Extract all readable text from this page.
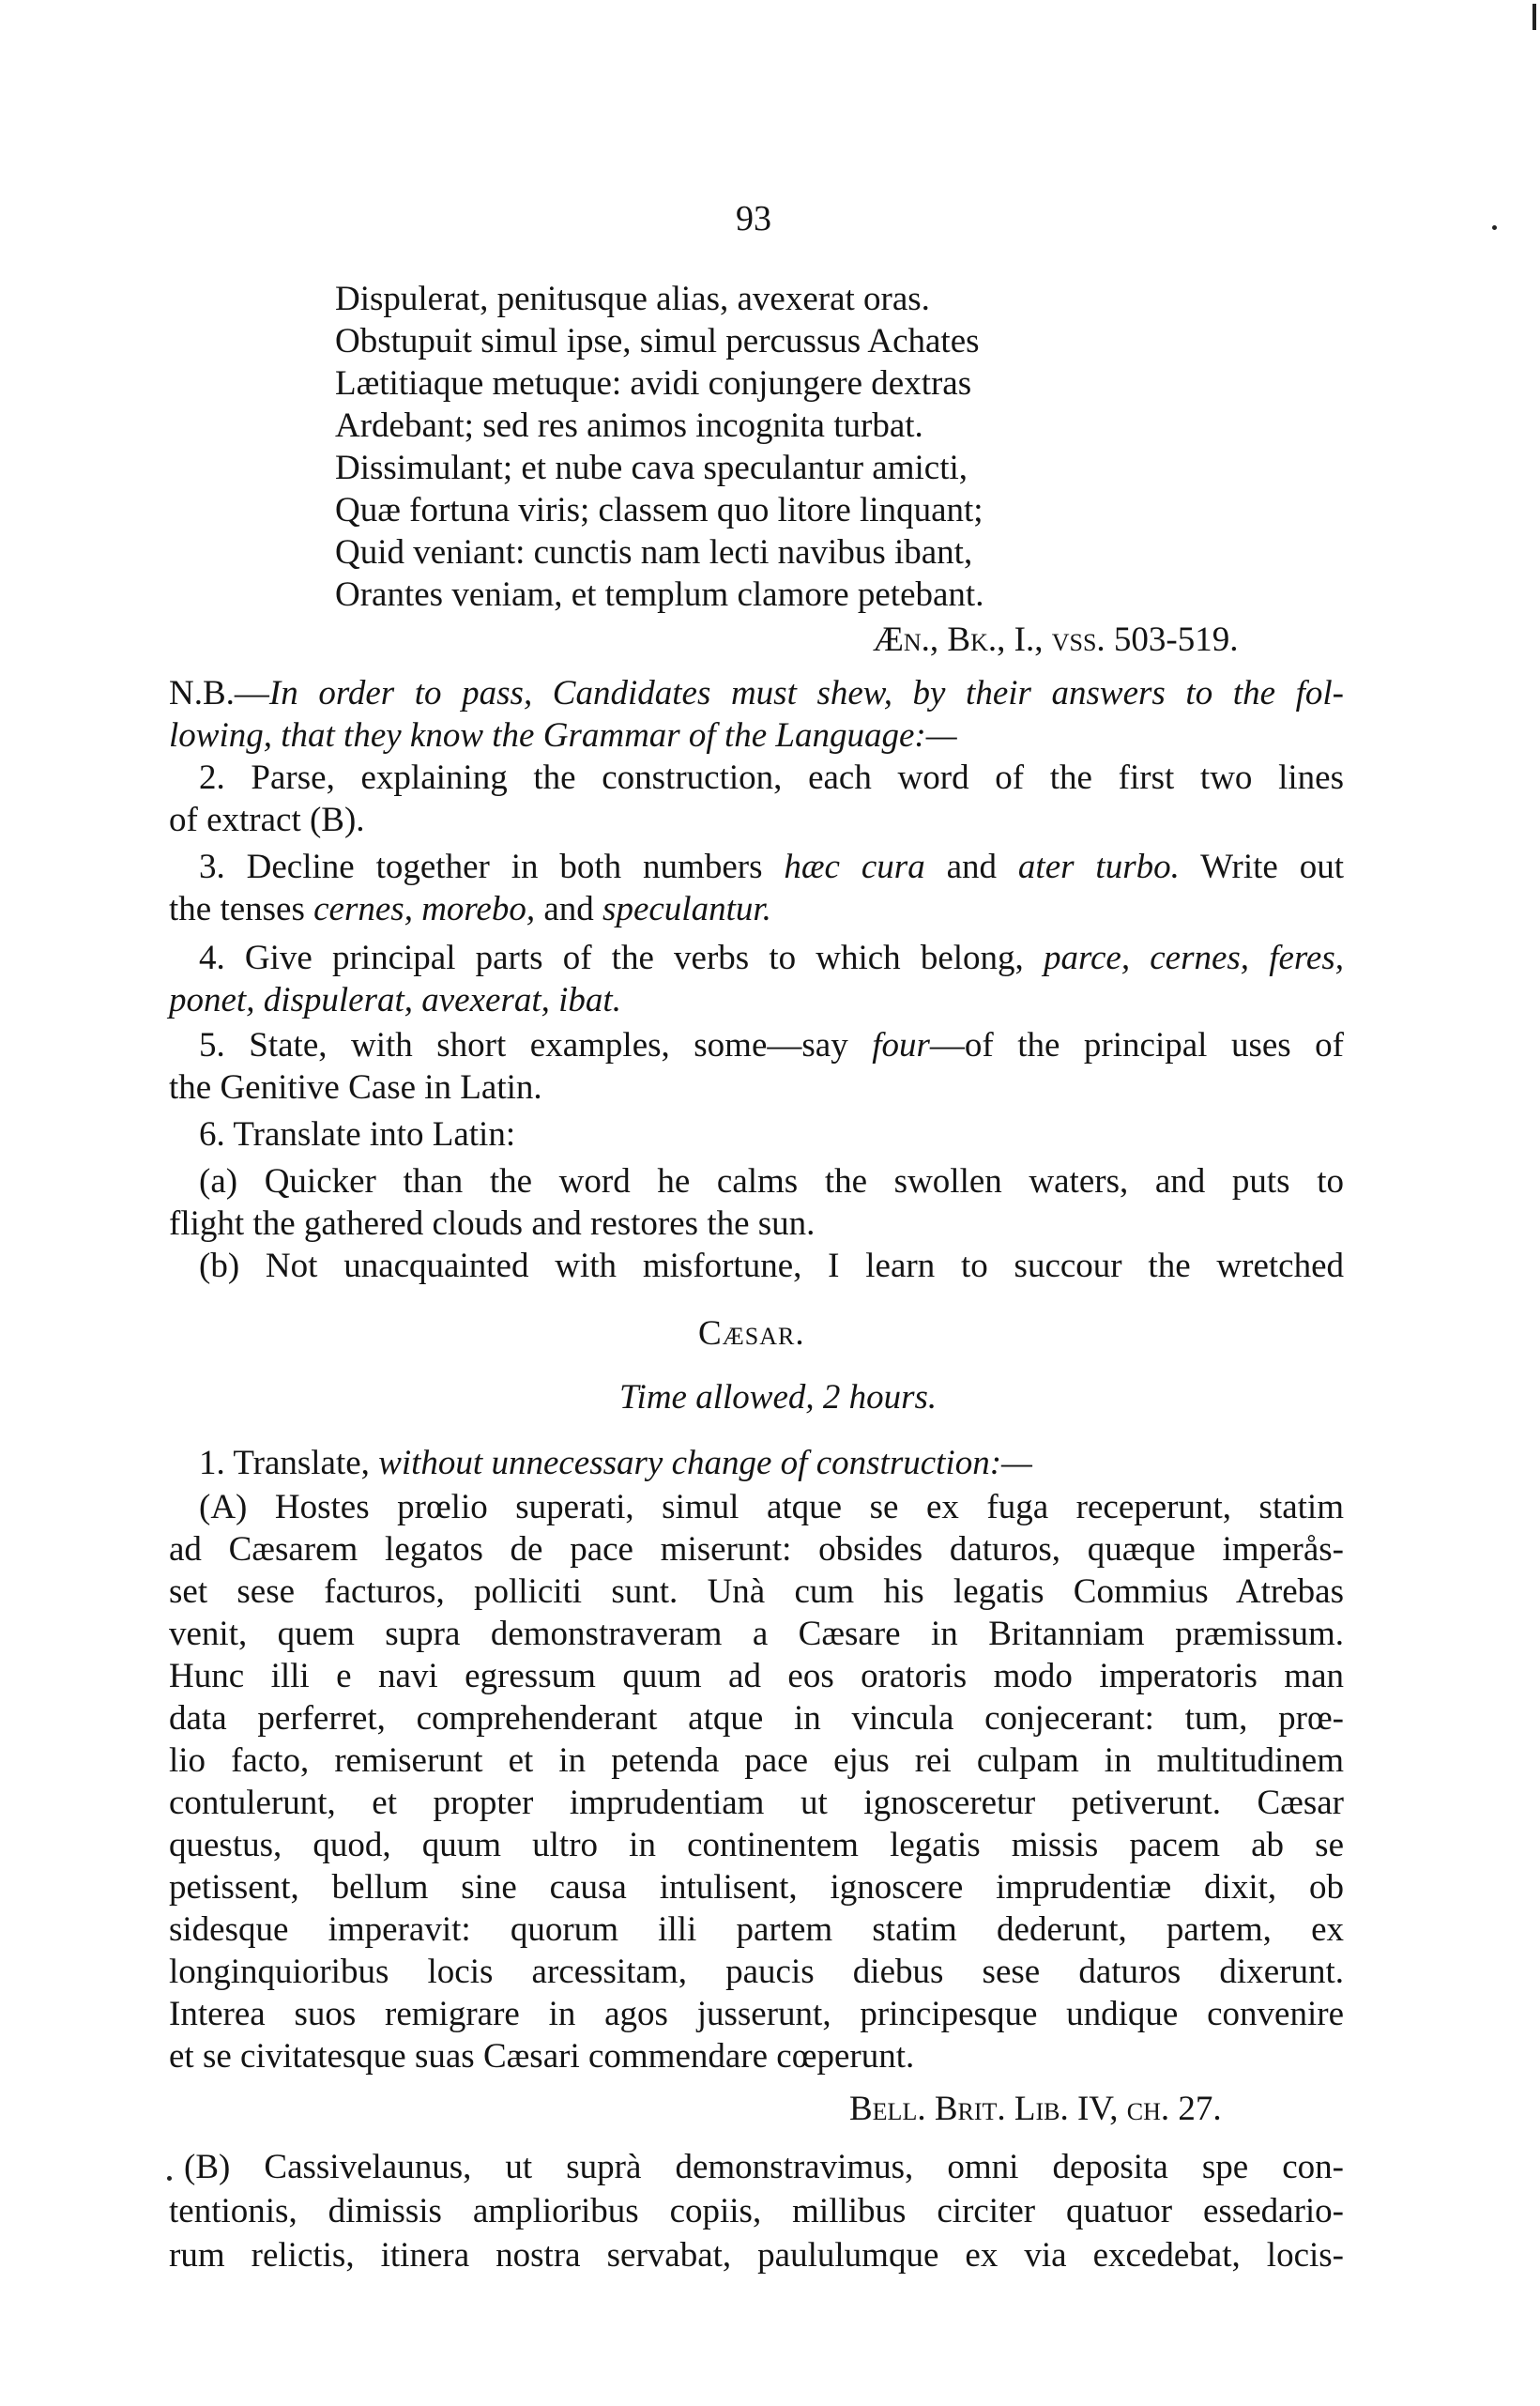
93
Dispulerat, penitusque alias, avexerat oras.
Obstupuit simul ipse, simul percussus Achates
Lætitiaque metuque: avidi conjungere dextras
Ardebant; sed res animos incognita turbat.
Dissimulant; et nube cava speculantur amicti,
Quæ fortuna viris; classem quo litore linquant;
Quid veniant: cunctis nam lecti navibus ibant,
Orantes veniam, et templum clamore petebant.
Æn., Bk., I., vss. 503-519.
N.B.—In order to pass, Candidates must shew, by their answers to the fol-
lowing, that they know the Grammar of the Language:—
2. Parse, explaining the construction, each word of the first two lines
of extract (B).
3. Decline together in both numbers hæc cura and ater turbo. Write out
the tenses cernes, morebo, and speculantur.
4. Give principal parts of the verbs to which belong, parce, cernes, feres,
ponet, dispulerat, avexerat, ibat.
5. State, with short examples, some—say four—of the principal uses of
the Genitive Case in Latin.
6. Translate into Latin:
(a) Quicker than the word he calms the swollen waters, and puts to
flight the gathered clouds and restores the sun.
(b) Not unacquainted with misfortune, I learn to succour the wretched
Cæsar.
Time allowed, 2 hours.
1. Translate, without unnecessary change of construction:—
(A) Hostes prœlio superati, simul atque se ex fuga receperunt, statim
ad Cæsarem legatos de pace miserunt: obsides daturos, quæque imperås-
set sese facturos, polliciti sunt. Unà cum his legatis Commius Atrebas
venit, quem supra demonstraveram a Cæsare in Britanniam præmissum.
Hunc illi e navi egressum quum ad eos oratoris modo imperatoris man
data perferret, comprehenderant atque in vincula conjecerant: tum, prœ-
lio facto, remiserunt et in petenda pace ejus rei culpam in multitudinem
contulerunt, et propter imprudentiam ut ignosceretur petiverunt. Cæsar
questus, quod, quum ultro in continentem legatis missis pacem ab se
petissent, bellum sine causa intulisent, ignoscere imprudentiæ dixit, ob
sidesque imperavit: quorum illi partem statim dederunt, partem, ex
longinquioribus locis arcessitam, paucis diebus sese daturos dixerunt.
Interea suos remigrare in agos jusserunt, principesque undique convenire
et se civitatesque suas Cæsari commendare cœperunt.
Bell. Brit. Lib. IV, ch. 27.
(B) Cassivelaunus, ut suprà demonstravimus, omni deposita spe con-
tentionis, dimissis amplioribus copiis, millibus circiter quatuor essedario-
rum relictis, itinera nostra servabat, paululumque ex via excedebat, locis-
